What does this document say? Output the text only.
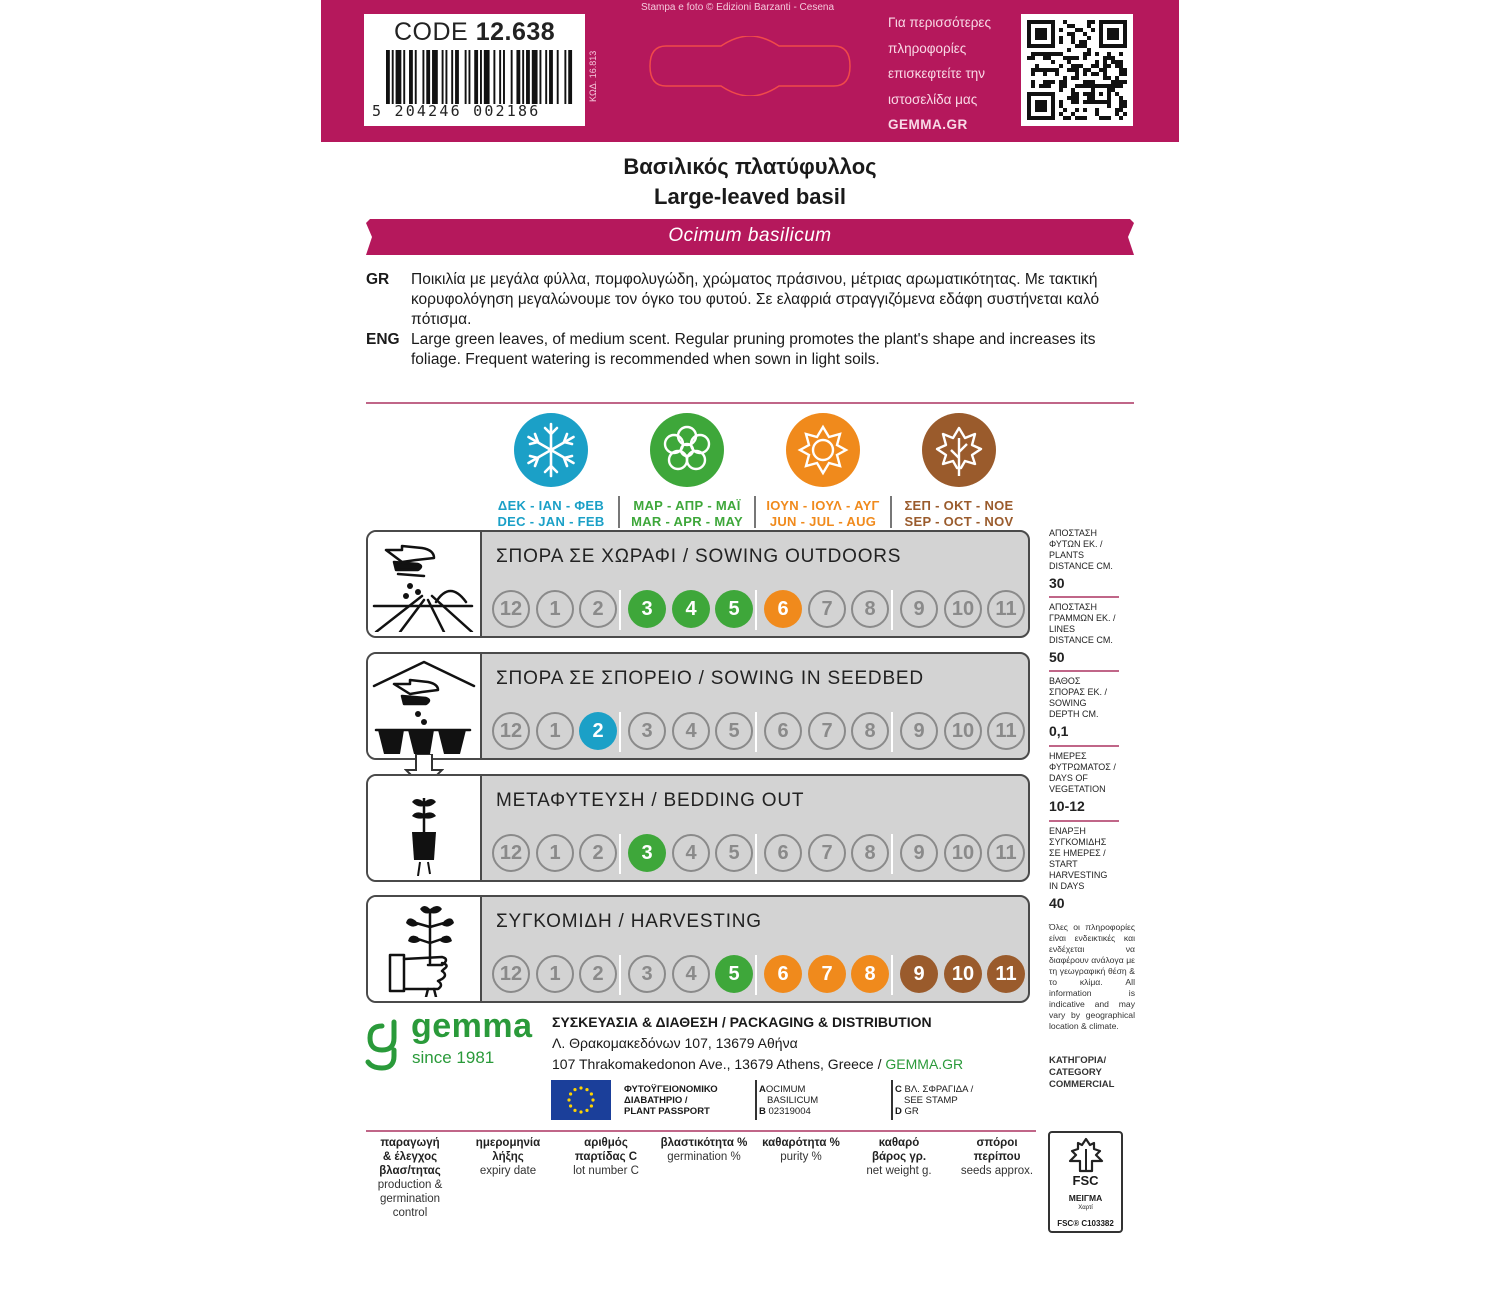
CODE 12.638
5 204246 002186
ΚΩΔ. 16.813
Stampa e foto © Edizioni Barzanti - Cesena
Για περισσότερες
πληροφορίες
επισκεφτείτε την
ιστοσελίδα μας
GEMMA.GR
Βασιλικός πλατύφυλλος
Large-leaved basil
Ocimum basilicum
GR Ποικιλία με μεγάλα φύλλα, πομφολυγώδη, χρώματος πράσινου, μέτριας αρωματικότητας. Με τακτική κορυφολόγηση μεγαλώνουμε τον όγκο του φυτού. Σε ελαφριά στραγγιζόμενα εδάφη συστήνεται καλό πότισμα.
ENG Large green leaves, of medium scent. Regular pruning promotes the plant's shape and increases its foliage. Frequent watering is recommended when sown in light soils.
ΔΕΚ - ΙΑΝ - ΦΕΒ
DEC - JAN - FEB
ΜΑΡ - ΑΠΡ - ΜΑΪ
MAR - APR - MAY
ΙΟΥΝ - ΙΟΥΛ - ΑΥΓ
JUN - JUL - AUG
ΣΕΠ - ΟΚΤ - ΝΟΕ
SEP - OCT - NOV
ΣΠΟΡΑ ΣΕ ΧΩΡΑΦΙ / SOWING OUTDOORS
12	1	2	3	4	5	6	7	8	9	10	11
ΣΠΟΡΑ ΣΕ ΣΠΟΡΕΙΟ / SOWING IN SEEDBED
12	1	2	3	4	5	6	7	8	9	10	11
ΜΕΤΑΦΥΤΕΥΣΗ / BEDDING OUT
12	1	2	3	4	5	6	7	8	9	10	11
ΣΥΓΚΟΜΙΔΗ / HARVESTING
12	1	2	3	4	5	6	7	8	9	10	11
ΑΠΟΣΤΑΣΗ
ΦΥΤΩΝ ΕΚ. /
PLANTS
DISTANCE CM.
30
ΑΠΟΣΤΑΣΗ
ΓΡΑΜΜΩΝ ΕΚ. /
LINES
DISTANCE CM.
50
ΒΑΘΟΣ
ΣΠΟΡΑΣ ΕΚ. /
SOWING
DEPTH CM.
0,1
ΗΜΕΡΕΣ
ΦΥΤΡΩΜΑΤΟΣ /
DAYS OF
VEGETATION
10-12
ΕΝΑΡΞΗ
ΣΥΓΚΟΜΙΔΗΣ
ΣΕ ΗΜΕΡΕΣ /
START
HARVESTING
IN DAYS
40
Όλες οι πληροφορίες είναι ενδεικτικές και ενδέχεται να διαφέρουν ανάλογα με τη γεωγραφική θέση & το κλίμα. All information is indicative and may vary by geographical location & climate.
ΚΑΤΗΓΟΡΙΑ/
CATEGORY
COMMERCIAL
gemma
since 1981
ΣΥΣΚΕΥΑΣΙΑ & ΔΙΑΘΕΣΗ / PACKAGING & DISTRIBUTION
Λ. Θρακομακεδόνων 107, 13679 Αθήνα
107 Thrakomakedonon Ave., 13679 Athens, Greece / GEMMA.GR
ΦΥΤΟΫΓΕΙΟΝΟΜΙΚΟ
ΔΙΑΒΑΤΗΡΙΟ /
PLANT PASSPORT
AOCIMUM
BASILICUM
B 02319004
C ΒΛ. ΣΦΡΑΓΙΔΑ /
SEE STAMP
D GR
παραγωγή
& έλεγχος
βλασ/τητας
production &
germination
control
ημερομηνία
λήξης
expiry date
αριθμός
παρτίδας C
lot number C
βλαστικότητα %
germination %
καθαρότητα %
purity %
καθαρό
βάρος γρ.
net weight g.
σπόροι
περίπου
seeds approx.
FSC
ΜΕΙΓΜΑ
Χαρτί
FSC® C103382
